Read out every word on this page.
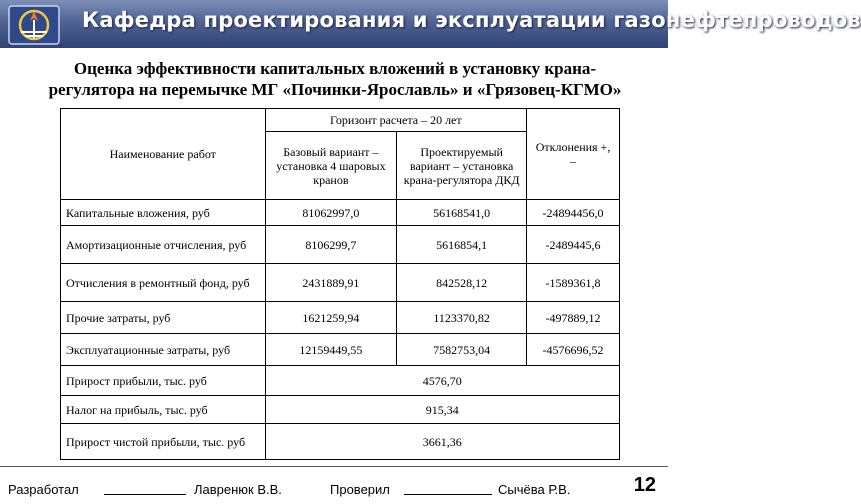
Кафедра проектирования и эксплуатации газонефтепроводов
Оценка эффективности капитальных вложений в установку крана-
регулятора на перемычке МГ «Починки-Ярославль» и «Грязовец-КГМО»
Наименование работ	Горизонт расчета – 20 лет		Отклонения +, –
	Базовый вариант – установка 4 шаровых кранов	Проектируемый вариант – установка крана-регулятора ДКД	
Капитальные вложения, руб	81062997,0	56168541,0	-24894456,0
Амортизационные отчисления, руб	8106299,7	5616854,1	-2489445,6
Отчисления в ремонтный фонд, руб	2431889,91	842528,12	-1589361,8
Прочие затраты, руб	1621259,94	1123370,82	-497889,12
Эксплуатационные затраты, руб	12159449,55	7582753,04	-4576696,52
Прирост прибыли, тыс. руб	4576,70		
Налог на прибыль, тыс. руб	915,34		
Прирост чистой прибыли, тыс. руб	3661,36		
Разработал	Лавренюк В.В.	Проверил	Сычёва Р.В.	12
